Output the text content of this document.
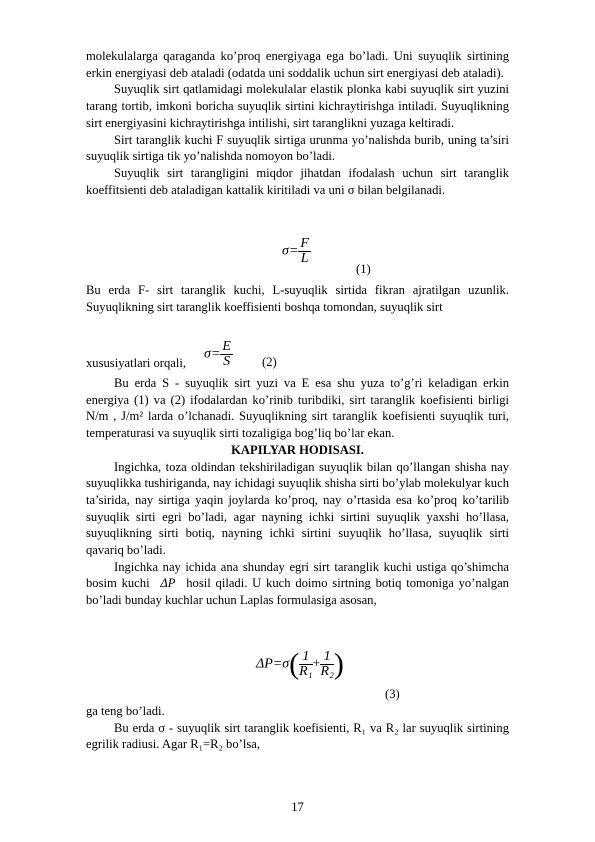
molekulalarga qaraganda ko’proq energiyaga ega bo’ladi. Uni suyuqlik sirtining erkin energiyasi deb ataladi (odatda uni soddalik uchun sirt energiyasi deb ataladi).

Suyuqlik sirt qatlamidagi molekulalar elastik plonka kabi suyuqlik sirt yuzini tarang tortib, imkoni boricha suyuqlik sirtini kichraytirishga intiladi. Suyuqlikning sirt energiyasini kichraytirishga intilishi, sirt taranglikni yuzaga keltiradi.

Sirt taranglik kuchi F suyuqlik sirtiga urunma yo’nalishda burib, uning ta’siri suyuqlik sirtiga tik yo’nalishda nomoyon bo’ladi.

Suyuqlik sirt tarangligini miqdor jihatdan ifodalash uchun sirt taranglik koeffitsienti deb ataladigan kattalik kiritiladi va uni σ bilan belgilanadi.

$\sigma= \frac{F}{L}$
(1)

Bu erda F- sirt taranglik kuchi, L-suyuqlik sirtida fikran ajratilgan uzunlik. Suyuqlikning sirt taranglik koeffisienti boshqa tomondan, suyuqlik sirt

xususiyatlari orqali,

$\sigma= \frac{E}{S} (2)$

Bu erda S - suyuqlik sirt yuzi va E esa shu yuza to’g’ri keladigan erkin energiya (1) va (2) ifodalardan ko’rinib turibdiki, sirt taranglik koefisienti birligi N/m , J/m² larda o’lchanadi. Suyuqlikning sirt taranglik koefisienti suyuqlik turi, temperaturasi va suyuqlik sirti tozaligiga bog’liq bo’lar ekan.

KAPILYAR HODISASI.

Ingichka, toza oldindan tekshiriladigan suyuqlik bilan qo’llangan shisha nay suyuqlikka tushiriganda, nay ichidagi suyuqlik shisha sirti bo’ylab molekulyar kuch ta’sirida, nay sirtiga yaqin joylarda ko’proq, nay o’rtasida esa ko’proq ko’tarilib suyuqlik sirti egri bo’ladi, agar nayning ichki sirtini suyuqlik yaxshi ho’llasa, suyuqlikning sirti botiq, nayning ichki sirtini suyuqlik ho’llasa, suyuqlik sirti qavariq bo’ladi.

Ingichka nay ichida ana shunday egri sirt taranglik kuchi ustiga qo’shimcha bosim kuchi ΔP hosil qiladi. U kuch doimo sirtning botiq tomoniga yo’nalgan bo’ladi bunday kuchlar uchun Laplas formulasiga asosan,

$\Delta P=\sigma( \frac{1}{\text{R₁}} + \frac{1}{\text{R₂}}$ )
(3)

ga teng bo’ladi.

Bu erda σ - suyuqlik sirt taranglik koefisienti, R₁ va R₂ lar suyuqlik sirtining egrilik radiusi. Agar R₁=R₂ bo’lsa,

17
